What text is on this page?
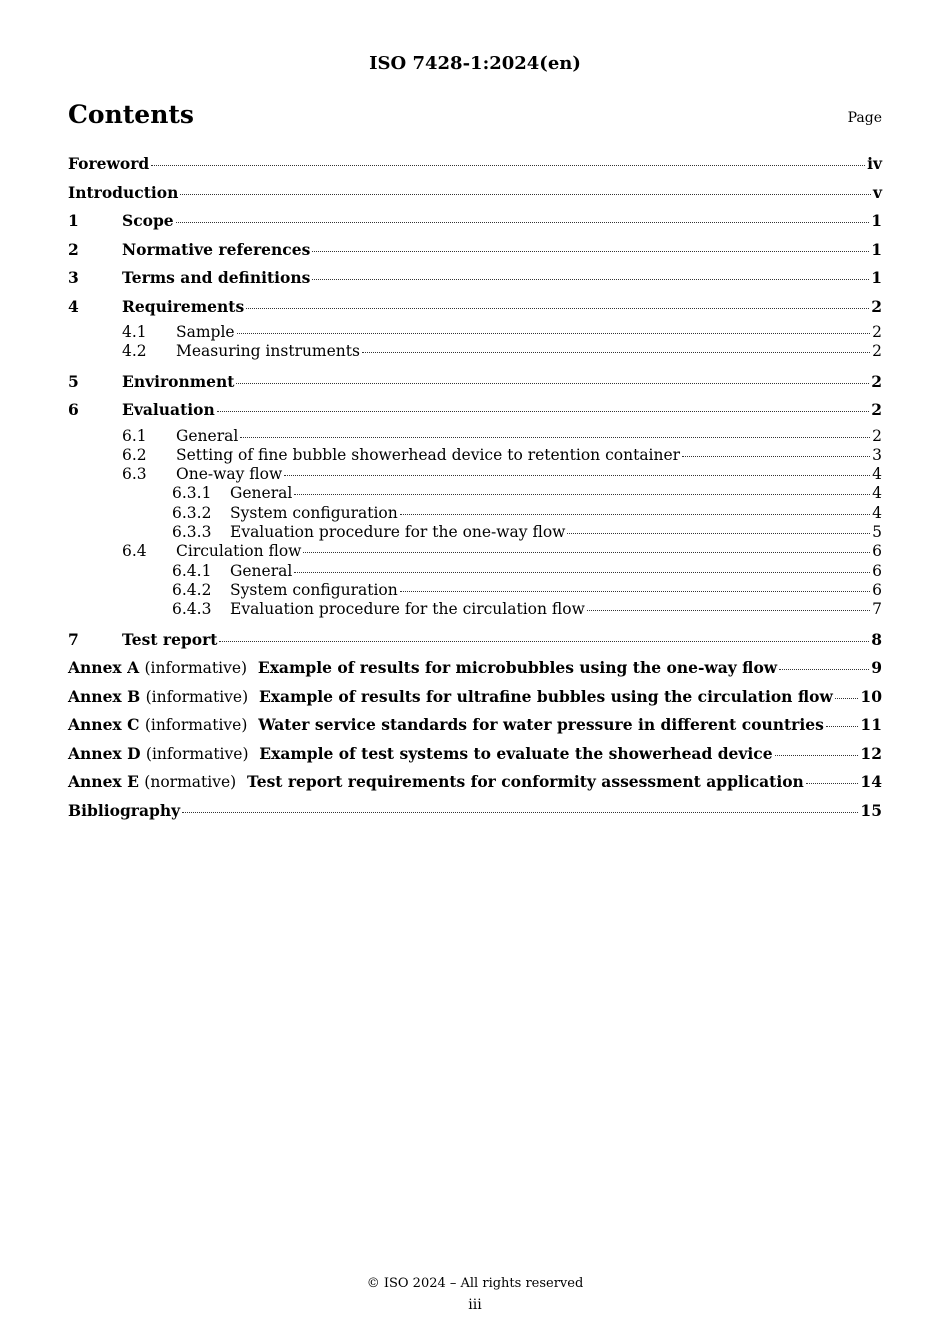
ISO 7428-1:2024(en)
Contents	Page
Foreword	iv
Introduction	v
1	Scope	1
2	Normative references	1
3	Terms and definitions	1
4	Requirements	2
4.1	Sample	2
4.2	Measuring instruments	2
5	Environment	2
6	Evaluation	2
6.1	General	2
6.2	Setting of fine bubble showerhead device to retention container	3
6.3	One-way flow	4
6.3.1	General	4
6.3.2	System configuration	4
6.3.3	Evaluation procedure for the one-way flow	5
6.4	Circulation flow	6
6.4.1	General	6
6.4.2	System configuration	6
6.4.3	Evaluation procedure for the circulation flow	7
7	Test report	8
Annex A (informative) Example of results for microbubbles using the one-way flow	9
Annex B (informative) Example of results for ultrafine bubbles using the circulation flow 10
Annex C (informative) Water service standards for water pressure in different countries 11
Annex D (informative) Example of test systems to evaluate the showerhead device	12
Annex E (normative) Test report requirements for conformity assessment application	14
Bibliography	15
© ISO 2024 – All rights reserved
iii
